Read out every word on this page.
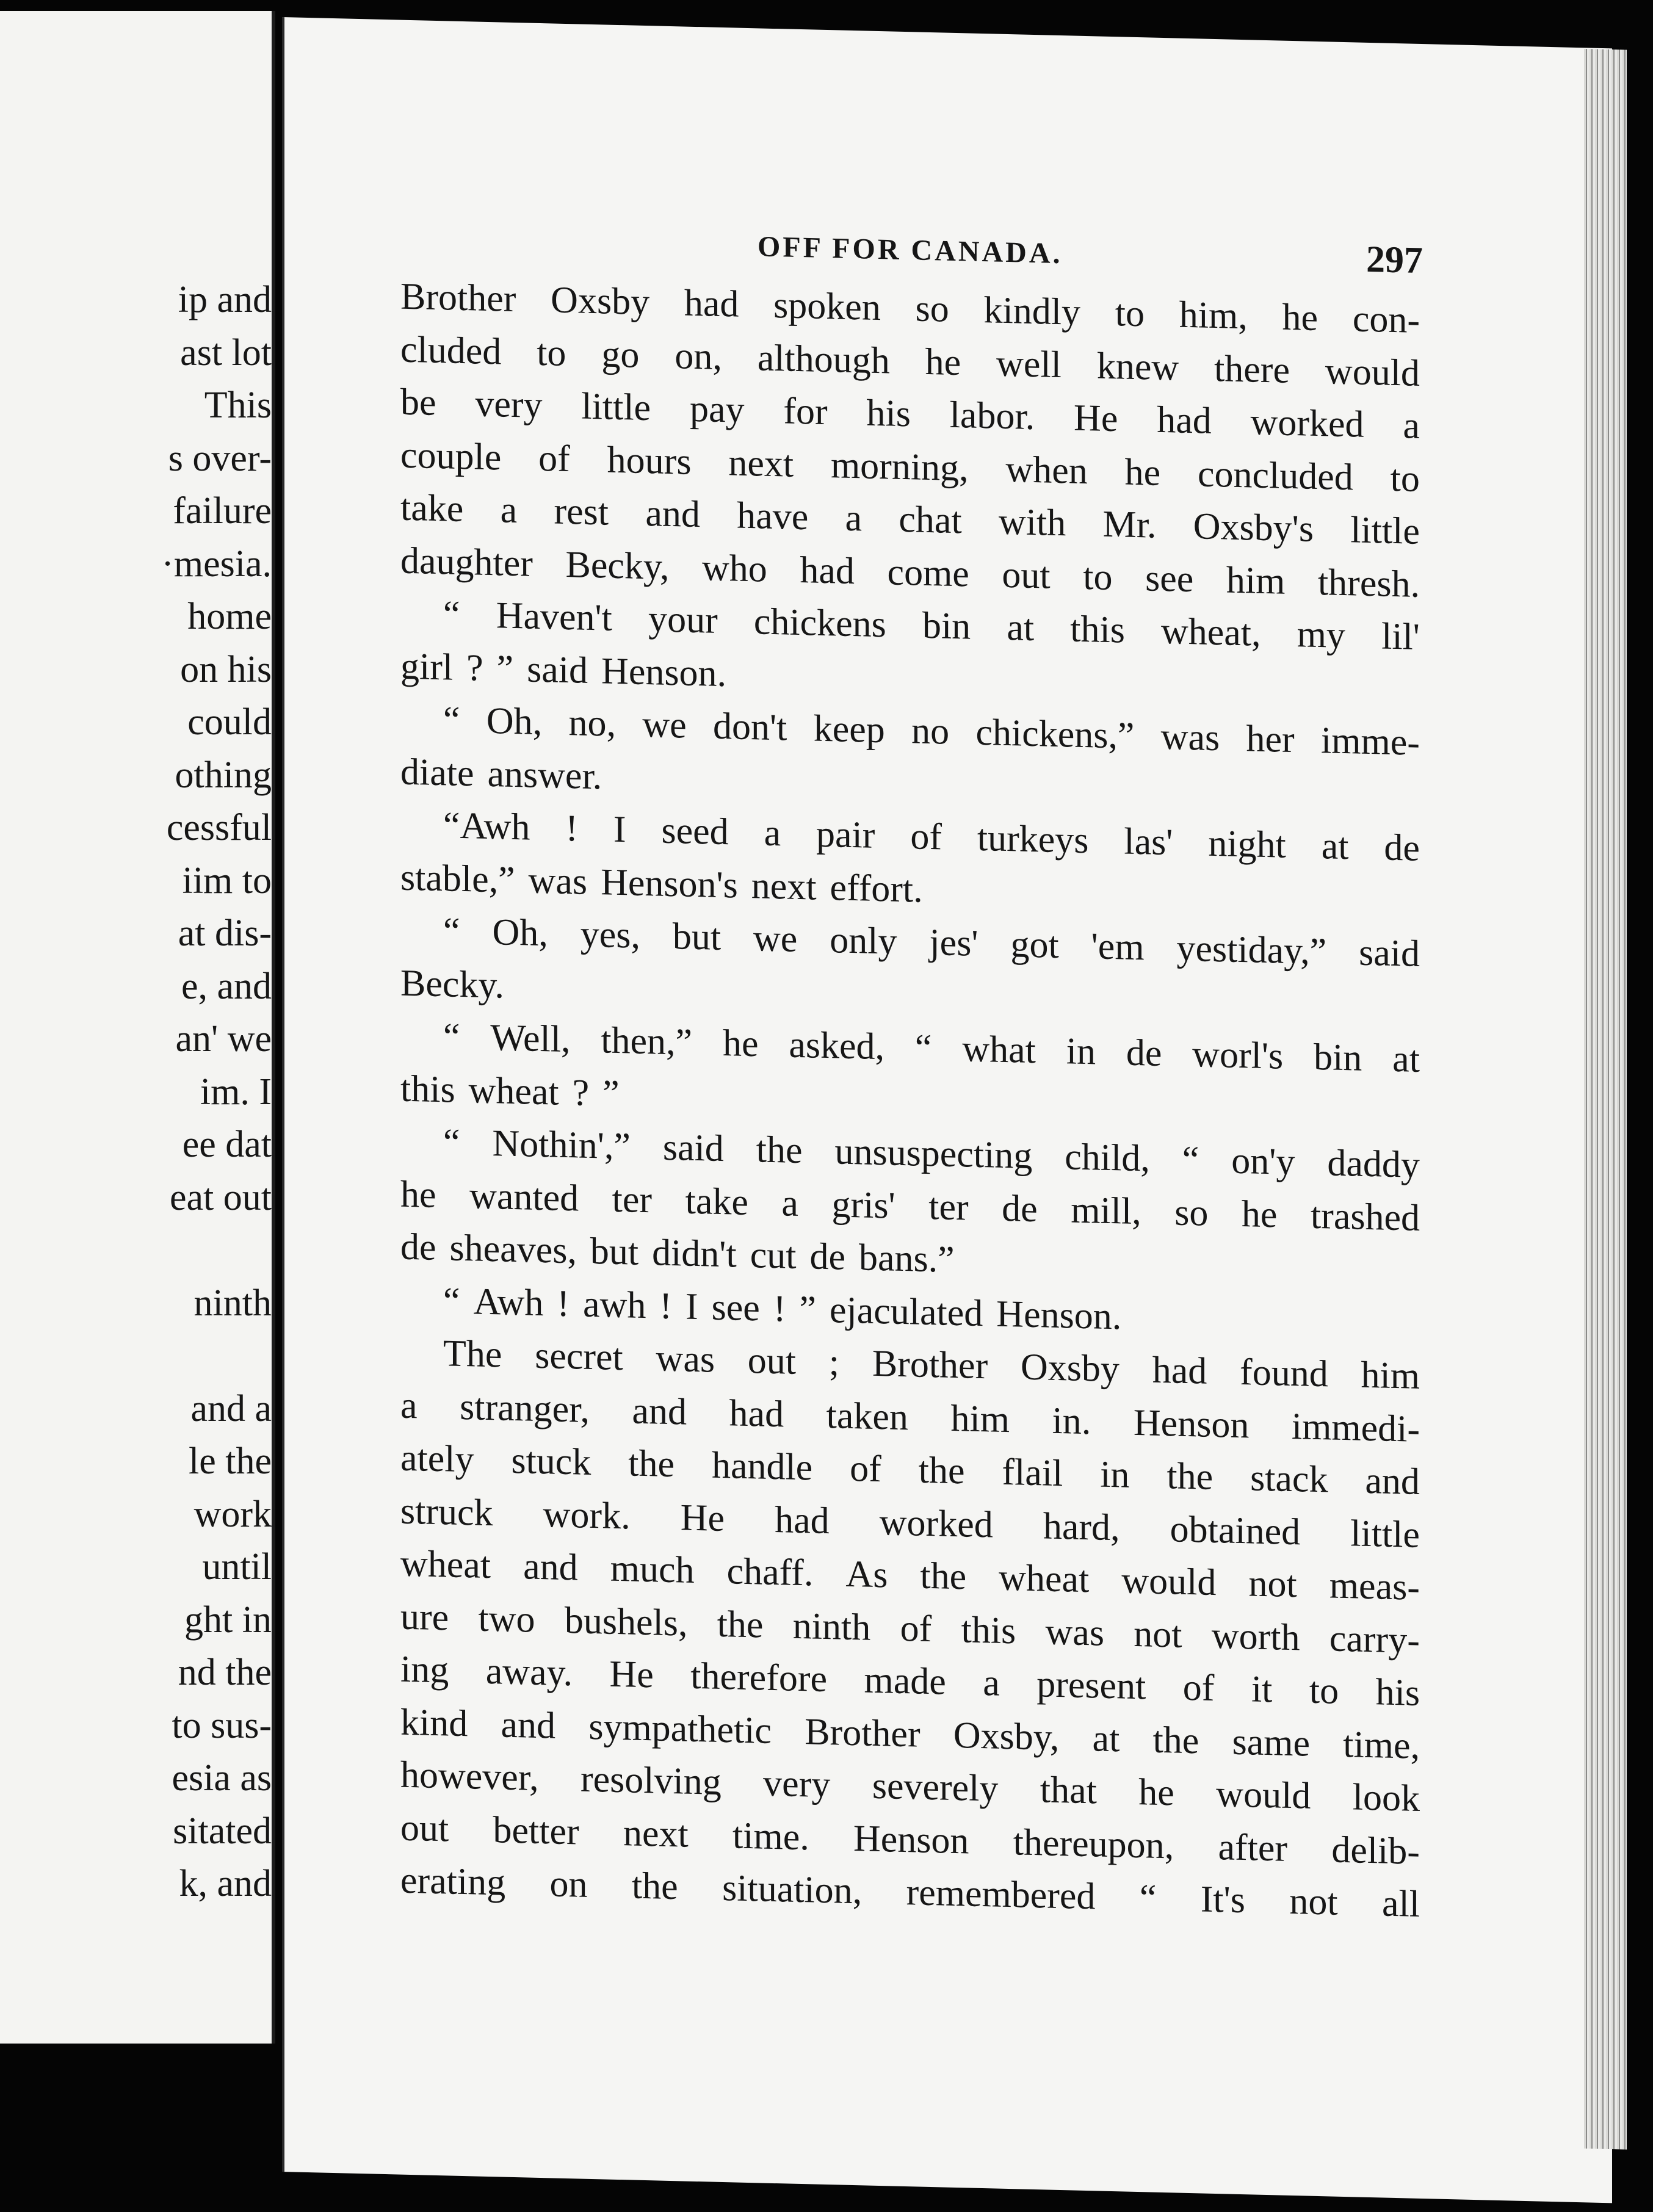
ip and
ast lot
This
s over-
failure
·mesia.
home
on his
could
othing
cessful
iim to
at dis-
e, and
an' we
im. I
ee dat
eat out
ninth
and a
le the
work
until
ght in
nd the
to sus-
esia as
sitated
k, and
OFF FOR CANADA.	297
Brother Oxsby had spoken so kindly to him, he con-
cluded to go on, although he well knew there would
be very little pay for his labor. He had worked a
couple of hours next morning, when he concluded to
take a rest and have a chat with Mr. Oxsby's little
daughter Becky, who had come out to see him thresh.
“ Haven't your chickens bin at this wheat, my lil'
girl ? ” said Henson.
“ Oh, no, we don't keep no chickens,” was her imme-
diate answer.
“Awh ! I seed a pair of turkeys las' night at de
stable,” was Henson's next effort.
“ Oh, yes, but we only jes' got 'em yestiday,” said
Becky.
“ Well, then,” he asked, “ what in de worl's bin at
this wheat ? ”
“ Nothin',” said the unsuspecting child, “ on'y daddy
he wanted ter take a gris' ter de mill, so he trashed
de sheaves, but didn't cut de bans.”
“ Awh ! awh ! I see ! ” ejaculated Henson.
The secret was out ; Brother Oxsby had found him
a stranger, and had taken him in. Henson immedi-
ately stuck the handle of the flail in the stack and
struck work. He had worked hard, obtained little
wheat and much chaff. As the wheat would not meas-
ure two bushels, the ninth of this was not worth carry-
ing away. He therefore made a present of it to his
kind and sympathetic Brother Oxsby, at the same time,
however, resolving very severely that he would look
out better next time. Henson thereupon, after delib-
erating on the situation, remembered “ It's not all
